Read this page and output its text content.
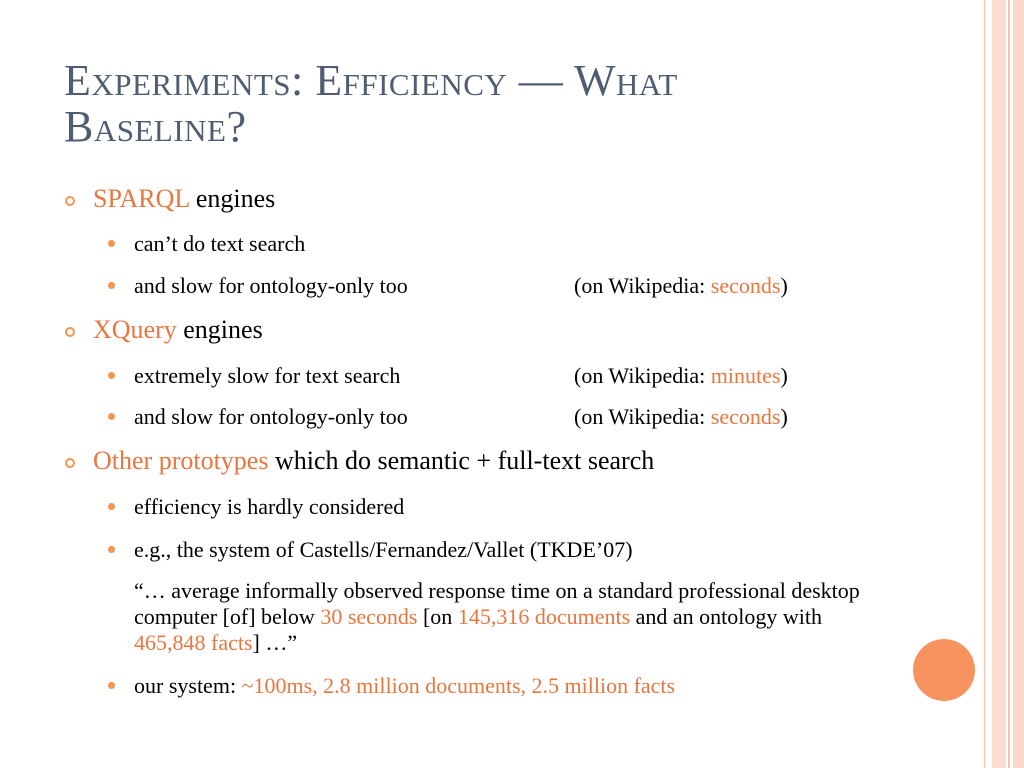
Experiments: Efficiency — What
Baseline?
SPARQL engines
can’t do text search
and slow for ontology-only too	(on Wikipedia: seconds)
XQuery engines
extremely slow for text search	(on Wikipedia: minutes)
and slow for ontology-only too	(on Wikipedia: seconds)
Other prototypes which do semantic + full-text search
efficiency is hardly considered
e.g., the system of Castells/Fernandez/Vallet (TKDE’07)
“… average informally observed response time on a standard professional desktop computer [of] below 30 seconds [on 145,316 documents and an ontology with 465,848 facts] …”
our system: ~100ms, 2.8 million documents, 2.5 million facts
